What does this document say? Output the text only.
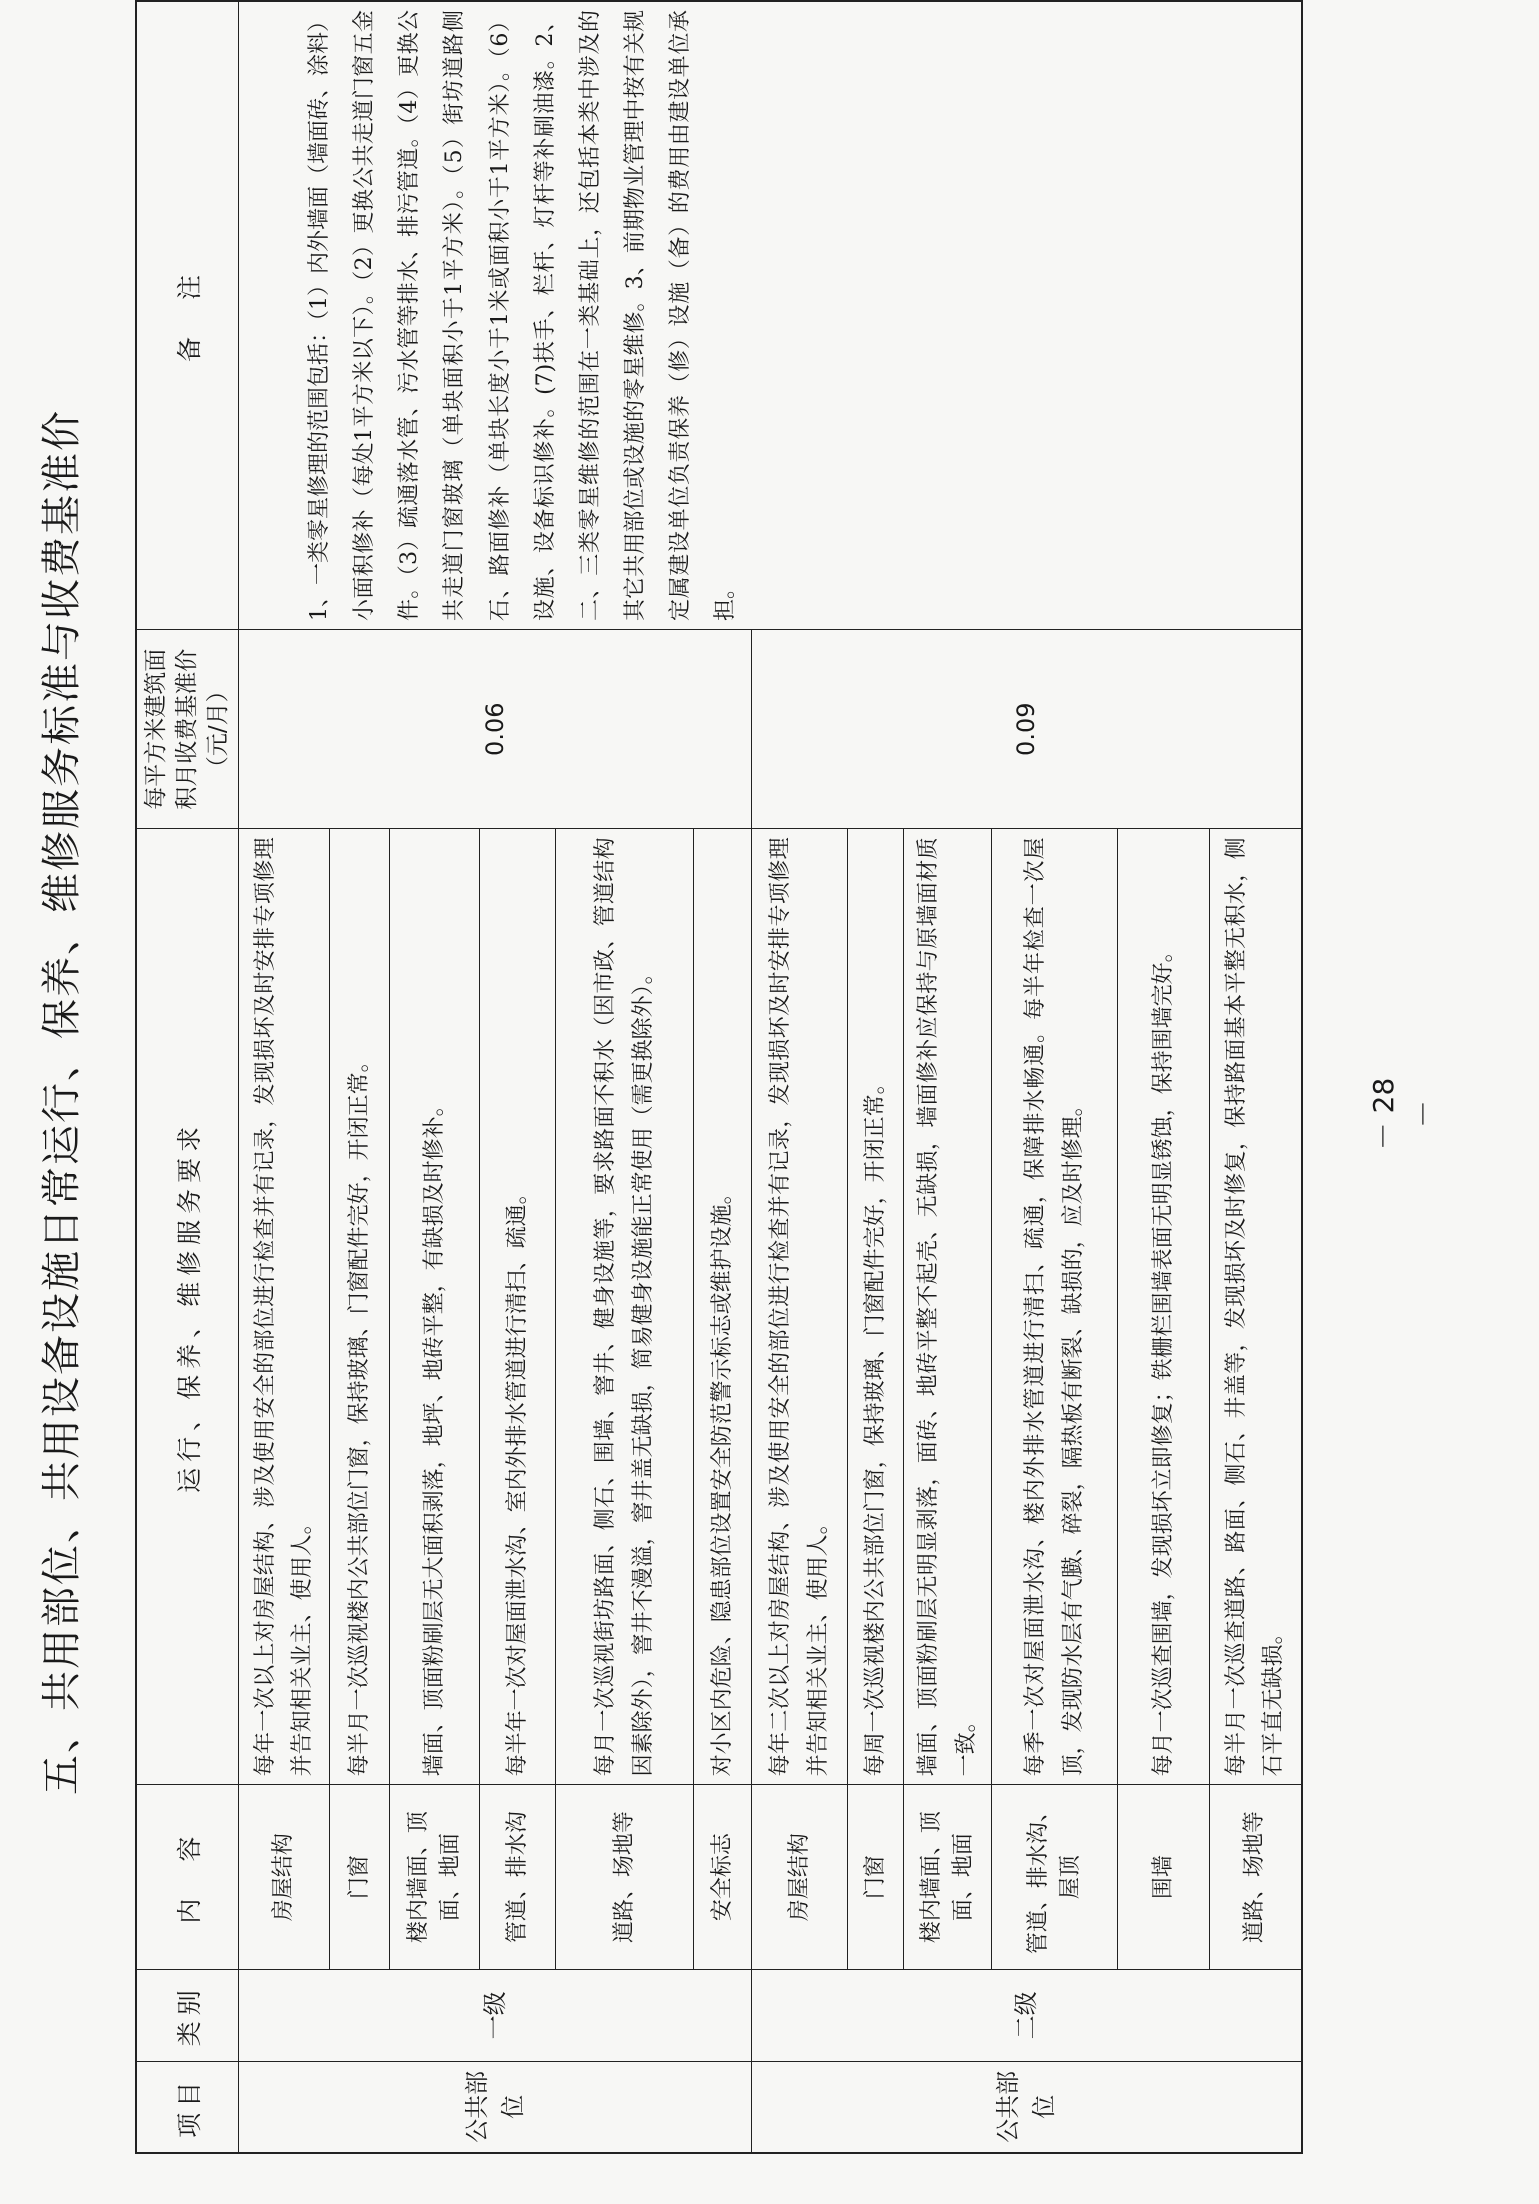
五、共用部位、共用设备设施日常运行、保养、维修服务标准与收费基准价
项目	类别	内　容	运行、保养、维修服务要求	每平方米建筑面积月收费基准价（元/月）	备　注
公共部位	一级	房屋结构	每年一次以上对房屋结构、涉及使用安全的部位进行检查并有记录，发现损坏及时安排专项修理并告知相关业主、使用人。	0.06	1、一类零星修理的范围包括：（1）内外墙面（墙面砖、涂料）小面积修补（每处1平方米以下）。（2）更换公共走道门窗五金件。（3）疏通落水管、污水管等排水、排污管道。（4）更换公共走道门窗玻璃（单块面积小于1平方米）。（5）街坊道路侧石、路面修补（单块长度小于1米或面积小于1平方米）。（6）设施、设备标识修补。(7)扶手、栏杆、灯杆等补刷油漆。2、二、三类零星维修的范围在一类基础上，还包括本类中涉及的其它共用部位或设施的零星维修。3、前期物业管理中按有关规定属建设单位负责保养（修）设施（备）的费用由建设单位承担。
		门窗	每半月一次巡视楼内公共部位门窗，保持玻璃、门窗配件完好，开闭正常。		
		楼内墙面、顶面、地面	墙面、顶面粉刷层无大面积剥落，地坪、地砖平整，有缺损及时修补。		
		管道、排水沟	每半年一次对屋面泄水沟、室内外排水管道进行清扫、疏通。		
		道路、场地等	每月一次巡视街坊路面、侧石、围墙、窨井、健身设施等，要求路面不积水（因市政、管道结构因素除外），窨井不漫溢，窨井盖无缺损，简易健身设施能正常使用（需更换除外）。		
		安全标志	对小区内危险、隐患部位设置安全防范警示标志或维护设施。		
公共部位	二级	房屋结构	每年二次以上对房屋结构、涉及使用安全的部位进行检查并有记录，发现损坏及时安排专项修理并告知相关业主、使用人。	0.09	
		门窗	每周一次巡视楼内公共部位门窗，保持玻璃、门窗配件完好，开闭正常。		
		楼内墙面、顶面、地面	墙面、顶面粉刷层无明显剥落，面砖、地砖平整不起壳、无缺损，墙面修补应保持与原墙面材质一致。		
		管道、排水沟、屋顶	每季一次对屋面泄水沟、楼内外排水管道进行清扫、疏通，保障排水畅通。每半年检查一次屋顶，发现防水层有气臌、碎裂，隔热板有断裂、缺损的，应及时修理。		
		围墙	每月一次巡查围墙，发现损坏立即修复；铁栅栏围墙表面无明显锈蚀，保持围墙完好。		
		道路、场地等	每半月一次巡查道路、路面、侧石、井盖等，发现损坏及时修复，保持路面基本平整无积水，侧石平直无缺损。		
－ 28 －
